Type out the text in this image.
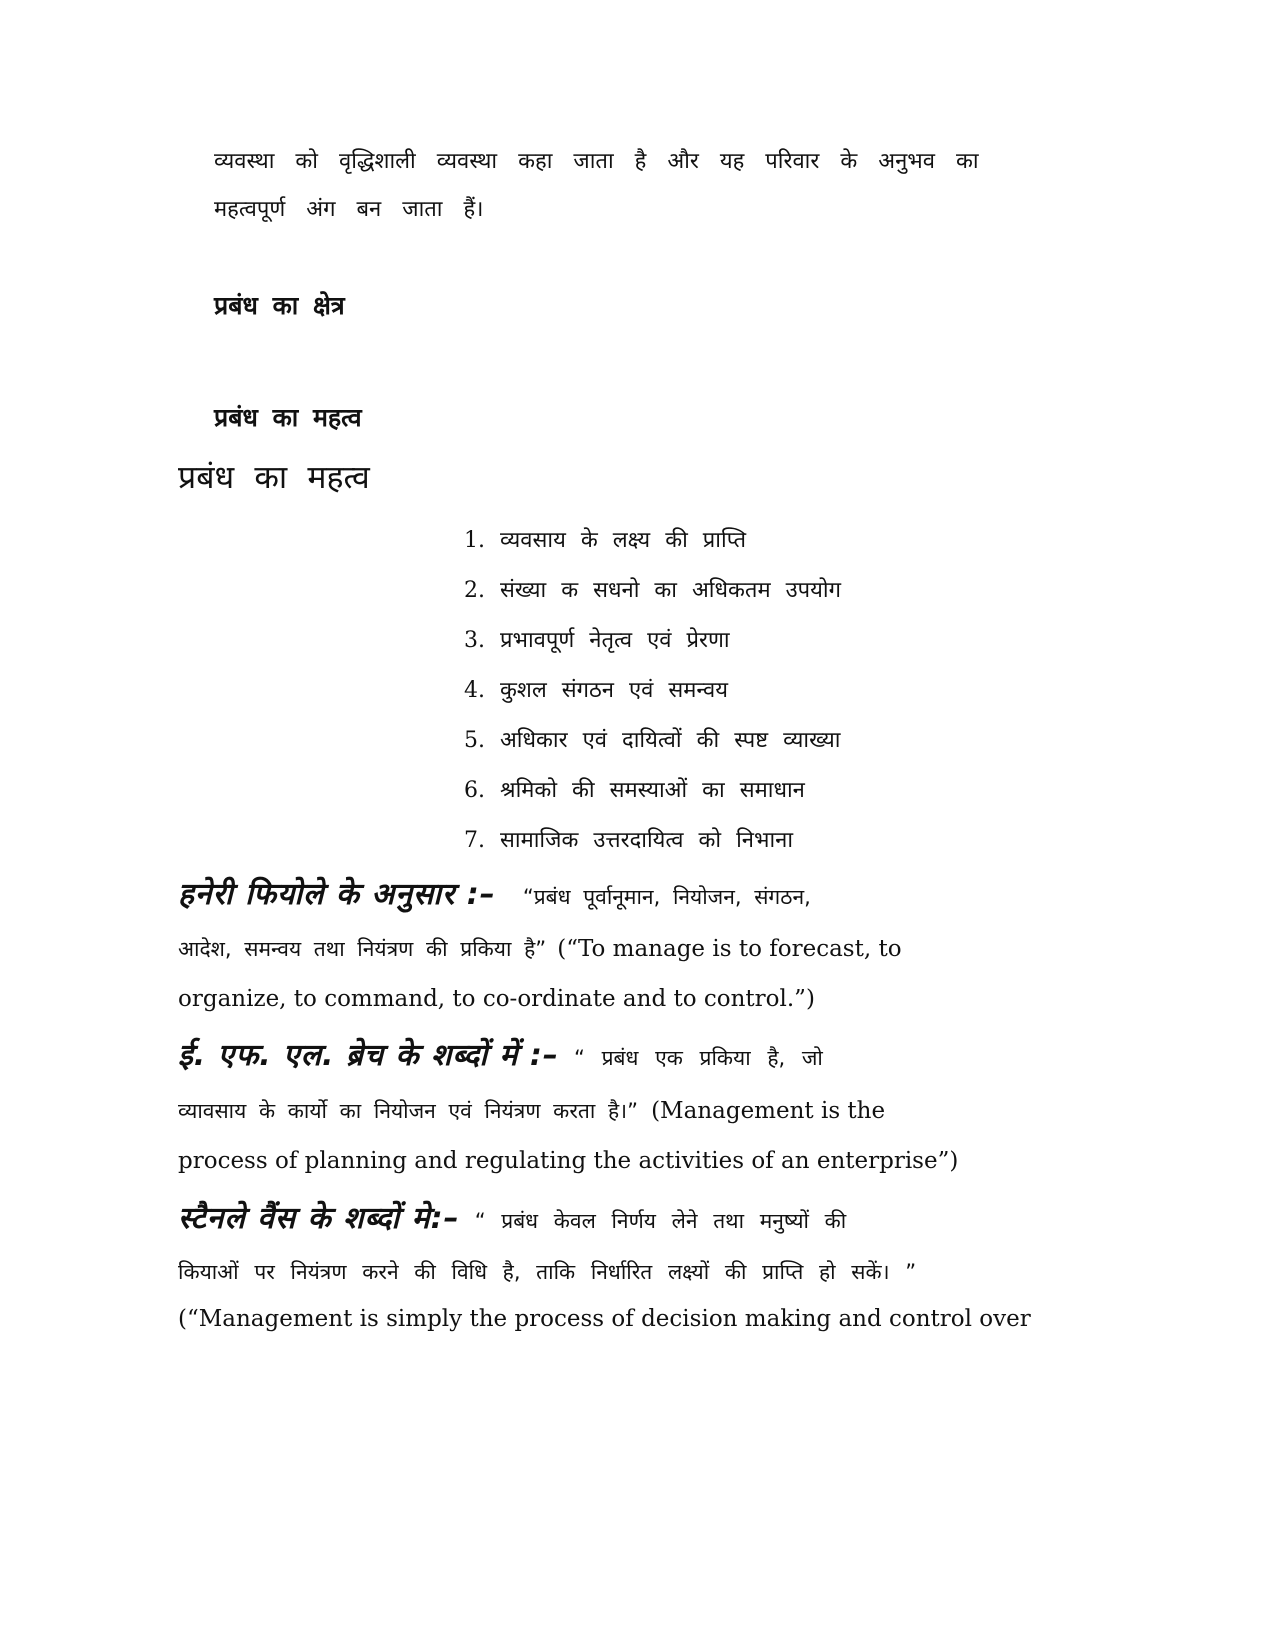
व्यवस्था को वृद्धिशाली व्यवस्था कहा जाता है और यह परिवार के अनुभव का
महत्वपूर्ण अंग बन जाता हैं।
प्रबंध का क्षेत्र
प्रबंध का महत्व
प्रबंध का महत्व
1. व्यवसाय के लक्ष्य की प्राप्ति
2. संख्या क सधनो का अधिकतम उपयोग
3. प्रभावपूर्ण नेतृत्व एवं प्रेरणा
4. कुशल संगठन एवं समन्वय
5. अधिकार एवं दायित्वों की स्पष्ट व्याख्या
6. श्रमिको की समस्याओं का समाधान
7. सामाजिक उत्तरदायित्व को निभाना
हनेरी फियोले के अनुसार :– “प्रबंध पूर्वानूमान, नियोजन, संगठन,
आदेश, समन्वय तथा नियंत्रण की प्रकिया है” (“To manage is to forecast, to
organize, to command, to co-ordinate and to control.”)
ई. एफ. एल. ब्रेच के शब्दों में :– “ प्रबंध एक प्रकिया है, जो
व्यावसाय के कार्यो का नियोजन एवं नियंत्रण करता है।” (Management is the
process of planning and regulating the activities of an enterprise”)
स्टैनले वैंस के शब्दों मे:– “ प्रबंध केवल निर्णय लेने तथा मनुष्यों की
कियाओं पर नियंत्रण करने की विधि है, ताकि निर्धारित लक्ष्यों की प्राप्ति हो सकें। ”
(“Management is simply the process of decision making and control over
